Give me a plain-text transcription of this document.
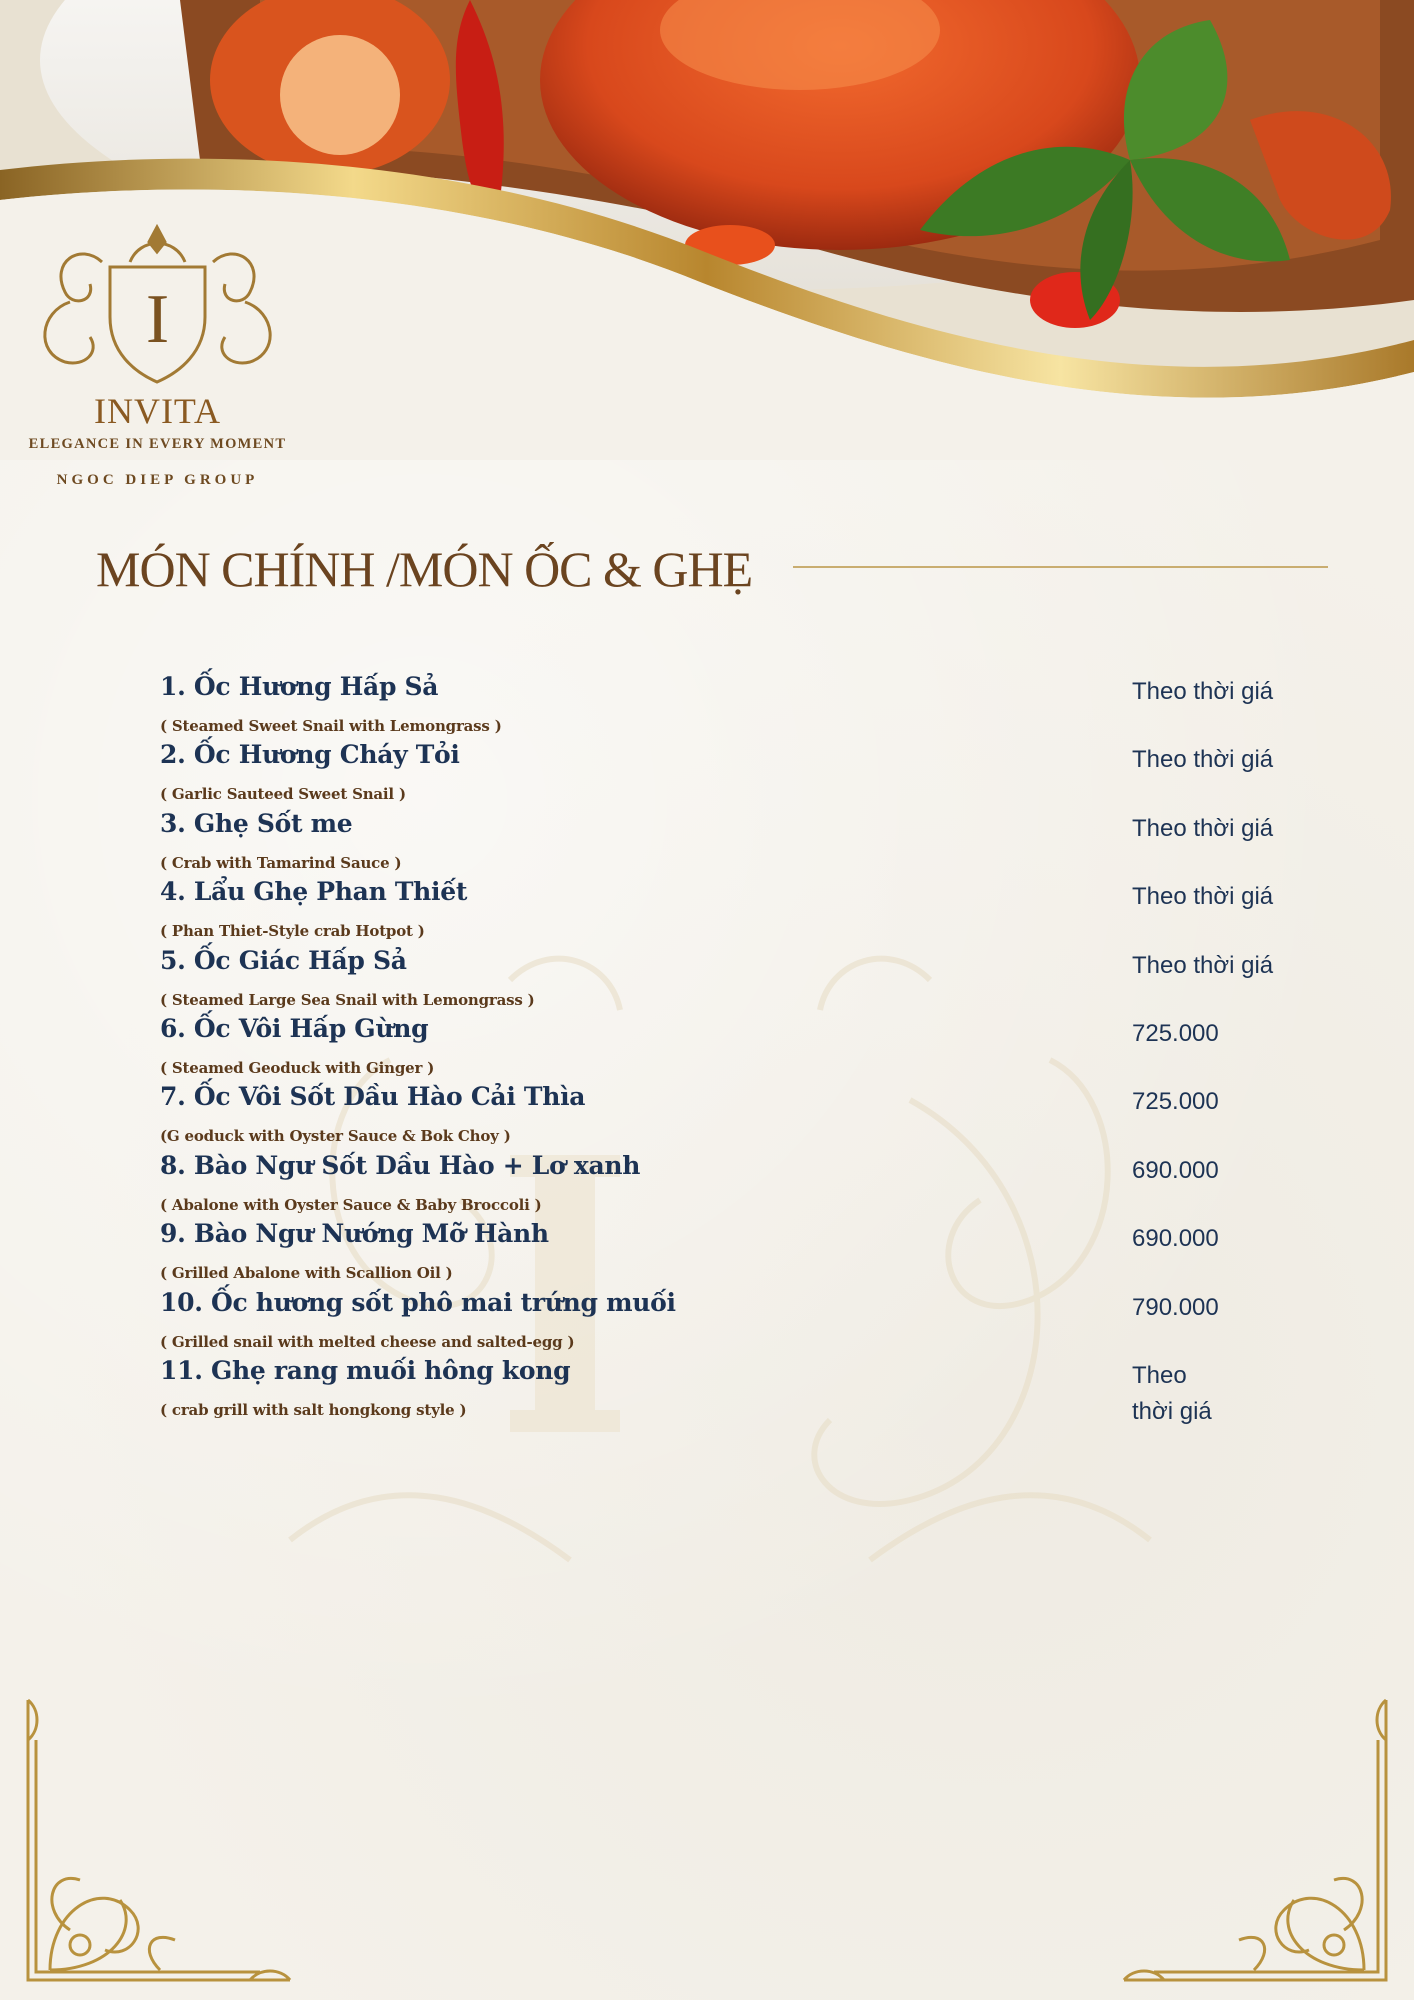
I
INVITA
ELEGANCE IN EVERY MOMENT
NGOC DIEP GROUP
MÓN CHÍNH /MÓN ỐC & GHẸ
1. Ốc Hương Hấp Sả
( Steamed Sweet Snail with Lemongrass )
Theo thời giá
2. Ốc Hương Cháy Tỏi
( Garlic Sauteed Sweet Snail )
Theo thời giá
3. Ghẹ Sốt me
( Crab with Tamarind Sauce )
Theo thời giá
4. Lẩu Ghẹ Phan Thiết
( Phan Thiet-Style crab Hotpot )
Theo thời giá
5. Ốc Giác Hấp Sả
( Steamed Large Sea Snail with Lemongrass )
Theo thời giá
6. Ốc Vôi Hấp Gừng
( Steamed Geoduck with Ginger )
725.000
7. Ốc Vôi Sốt Dầu Hào Cải Thìa
(G eoduck with Oyster Sauce & Bok Choy )
725.000
8. Bào Ngư Sốt Dầu Hào + Lơ xanh
( Abalone with Oyster Sauce & Baby Broccoli )
690.000
9. Bào Ngư Nướng Mỡ Hành
( Grilled Abalone with Scallion Oil )
690.000
10. Ốc hương sốt phô mai trứng muối
( Grilled snail with melted cheese and salted-egg )
790.000
11. Ghẹ rang muối hông kong
( crab grill with salt hongkong style )
Theo
thời giá
